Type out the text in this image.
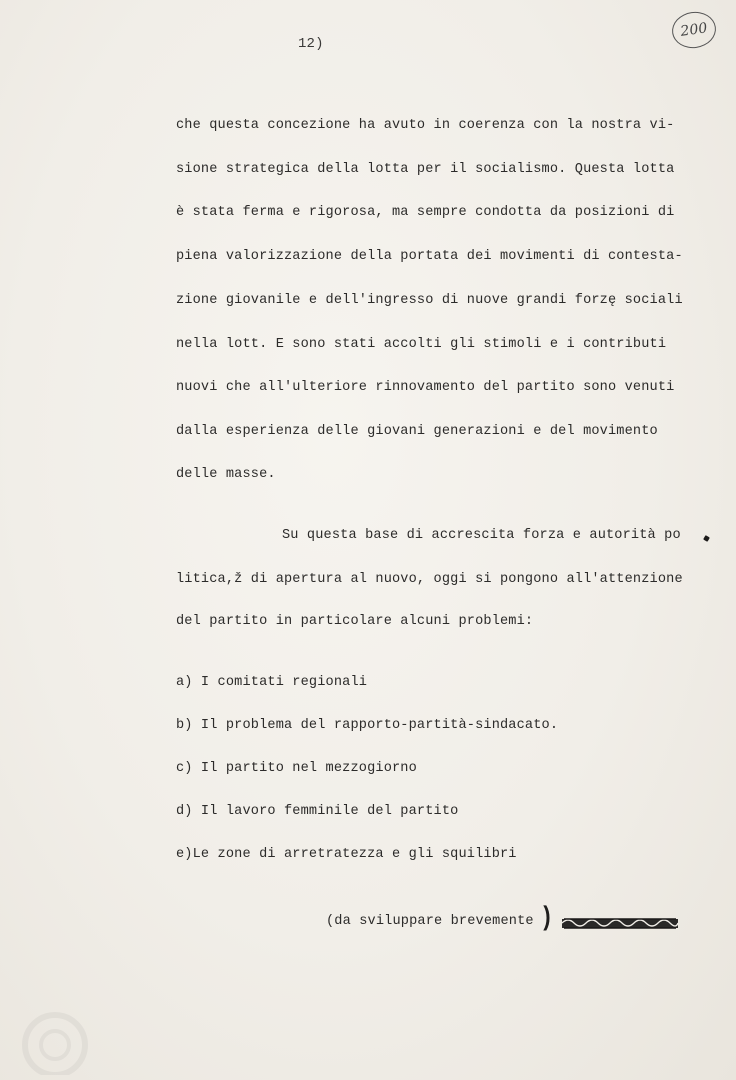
12)
200
che questa concezione ha avuto in coerenza con la nostra vi-
sione strategica della lotta per il socialismo. Questa lotta
è stata ferma e rigorosa, ma sempre condotta da posizioni di
piena valorizzazione della portata dei movimenti di contesta-
zione giovanile e dell'ingresso di nuove grandi forzę sociali
nella lott. E sono stati accolti gli stimoli e i contributi
nuovi che all'ulteriore rinnovamento del partito sono venuti
dalla esperienza delle giovani generazioni e del movimento
delle masse.
Su questa base di accrescita forza e autorità po
litica,ž di apertura al nuovo, oggi si pongono all'attenzione
del partito in particolare alcuni problemi:
a) I comitati regionali
b) Il problema del rapporto-partità-sindacato.
c) Il partito nel mezzogiorno
d) Il lavoro femminile del partito
e)Le zone di arretratezza e gli squilibri
(da sviluppare brevemente )
